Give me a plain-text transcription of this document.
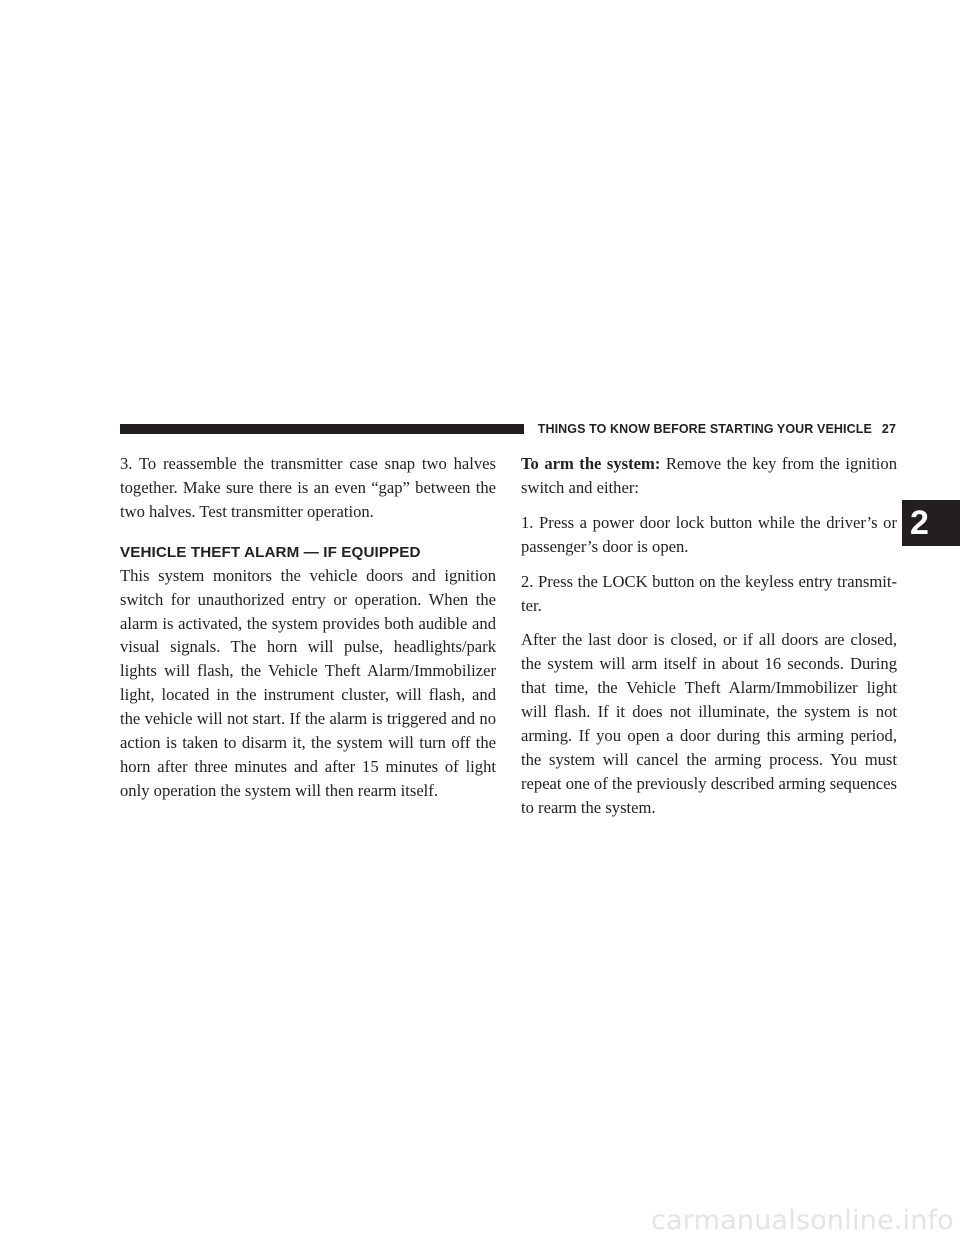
THINGS TO KNOW BEFORE STARTING YOUR VEHICLE 27

3. To reassemble the transmitter case snap two halves together. Make sure there is an even “gap” between the two halves. Test transmitter operation.

VEHICLE THEFT ALARM — IF EQUIPPED

This system monitors the vehicle doors and ignition switch for unauthorized entry or operation. When the alarm is activated, the system provides both audible and visual signals. The horn will pulse, headlights/park lights will flash, the Vehicle Theft Alarm/Immobilizer light, located in the instrument cluster, will flash, and the vehicle will not start. If the alarm is triggered and no action is taken to disarm it, the system will turn off the horn after three minutes and after 15 minutes of light only operation the system will then rearm itself.

To arm the system: Remove the key from the ignition switch and either:

1. Press a power door lock button while the driver’s or passenger’s door is open.

2. Press the LOCK button on the keyless entry transmit-ter.

After the last door is closed, or if all doors are closed, the system will arm itself in about 16 seconds. During that time, the Vehicle Theft Alarm/Immobilizer light will flash. If it does not illuminate, the system is not arming. If you open a door during this arming period, the system will cancel the arming process. You must repeat one of the previously described arming sequences to rearm the system.

2
carmanualsonline.info
